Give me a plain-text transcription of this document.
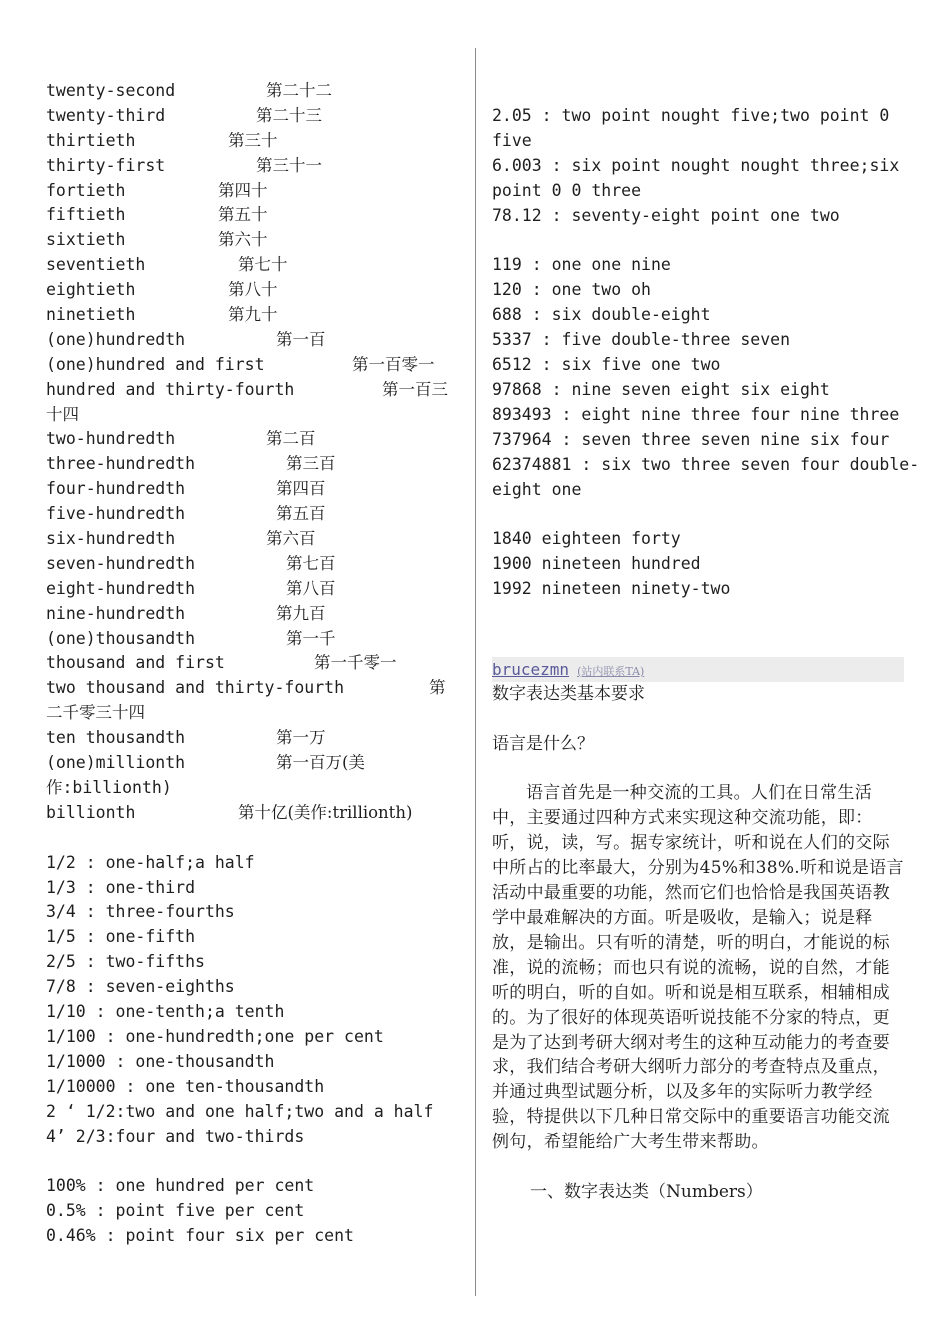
twenty-second	第二十二
twenty-third	第二十三
thirtieth	第三十
thirty-first	第三十一
fortieth	第四十
fiftieth	第五十
sixtieth	第六十
seventieth	第七十
eightieth	第八十
ninetieth	第九十
(one)hundredth	第一百
(one)hundred and first	第一百零一
hundred and thirty-fourth	第一百三
十四
two-hundredth	第二百
three-hundredth	第三百
four-hundredth	第四百
five-hundredth	第五百
six-hundredth	第六百
seven-hundredth	第七百
eight-hundredth	第八百
nine-hundredth	第九百
(one)thousandth	第一千
thousand and first	第一千零一
two thousand and thirty-fourth	第
二千零三十四
ten thousandth	第一万
(one)millionth	第一百万(美
作:billionth)
billionth	第十亿(美作:trillionth)
1/2 : one-half;a half
1/3 : one-third
3/4 : three-fourths
1/5 : one-fifth
2/5 : two-fifths
7/8 : seven-eighths
1/10 : one-tenth;a tenth
1/100 : one-hundredth;one per cent
1/1000 : one-thousandth
1/10000 : one ten-thousandth
2 ‘ 1/2:two and one half;two and a half
4’ 2/3:four and two-thirds
100% : one hundred per cent
0.5% : point five per cent
0.46% : point four six per cent
2.05 : two point nought five;two point 0
five
6.003 : six point nought nought three;six
point 0 0 three
78.12 : seventy-eight point one two
119 : one one nine
120 : one two oh
688 : six double-eight
5337 : five double-three seven
6512 : six five one two
97868 : nine seven eight six eight
893493 : eight nine three four nine three
737964 : seven three seven nine six four
62374881 : six two three seven four double-
eight one
1840 eighteen forty
1900 nineteen hundred
1992 nineteen ninety-two
brucezmn (站内联系TA)
数字表达类基本要求
语言是什么？
语言首先是一种交流的工具。人们在日常生活中，主要通过四种方式来实现这种交流功能，即：听，说，读，写。据专家统计，听和说在人们的交际中所占的比率最大，分别为45%和38%.听和说是语言活动中最重要的功能，然而它们也恰恰是我国英语教学中最难解决的方面。听是吸收，是输入；说是释放，是输出。只有听的清楚，听的明白，才能说的标准，说的流畅；而也只有说的流畅，说的自然，才能听的明白，听的自如。听和说是相互联系，相辅相成的。为了很好的体现英语听说技能不分家的特点，更是为了达到考研大纲对考生的这种互动能力的考查要求，我们结合考研大纲听力部分的考查特点及重点，并通过典型试题分析，以及多年的实际听力教学经验，特提供以下几种日常交际中的重要语言功能交流例句，希望能给广大考生带来帮助。
一、数字表达类（Numbers）
